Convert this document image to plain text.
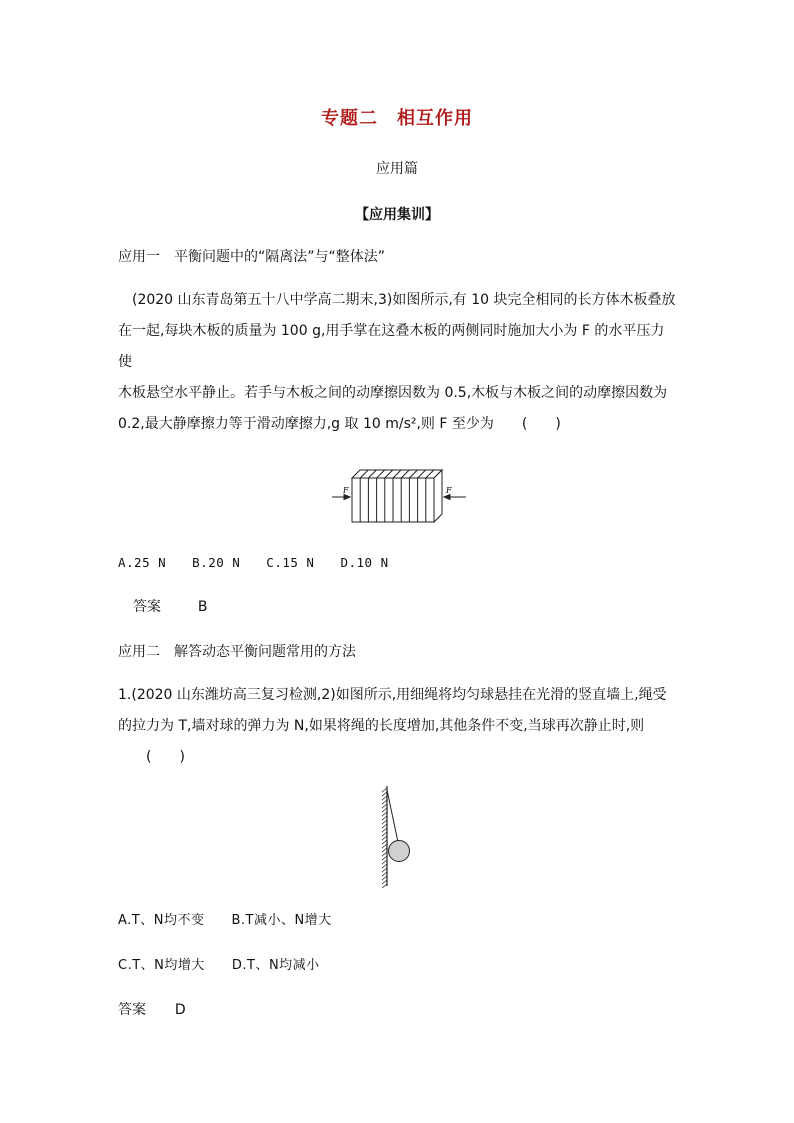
专题二　相互作用
应用篇
【应用集训】
应用一　平衡问题中的“隔离法”与“整体法”
　(2020 山东青岛第五十八中学高二期末,3)如图所示,有 10 块完全相同的长方体木板叠放
在一起,每块木板的质量为 100 g,用手掌在这叠木板的两侧同时施加大小为 F 的水平压力使
木板悬空水平静止。若手与木板之间的动摩擦因数为 0.5,木板与木板之间的动摩擦因数为
0.2,最大静摩擦力等于滑动摩擦力,g 取 10 m/s²,则 F 至少为　　(　　)
F	F
A.25 N　　B.20 N　　C.15 N　　D.10 N
答案	B
应用二　解答动态平衡问题常用的方法
1.(2020 山东潍坊高三复习检测,2)如图所示,用细绳将均匀球悬挂在光滑的竖直墙上,绳受
的拉力为 T,墙对球的弹力为 N,如果将绳的长度增加,其他条件不变,当球再次静止时,则
　　(　　)
A.T、N均不变　　B.T减小、N增大
C.T、N均增大　　D.T、N均减小
答案 D
